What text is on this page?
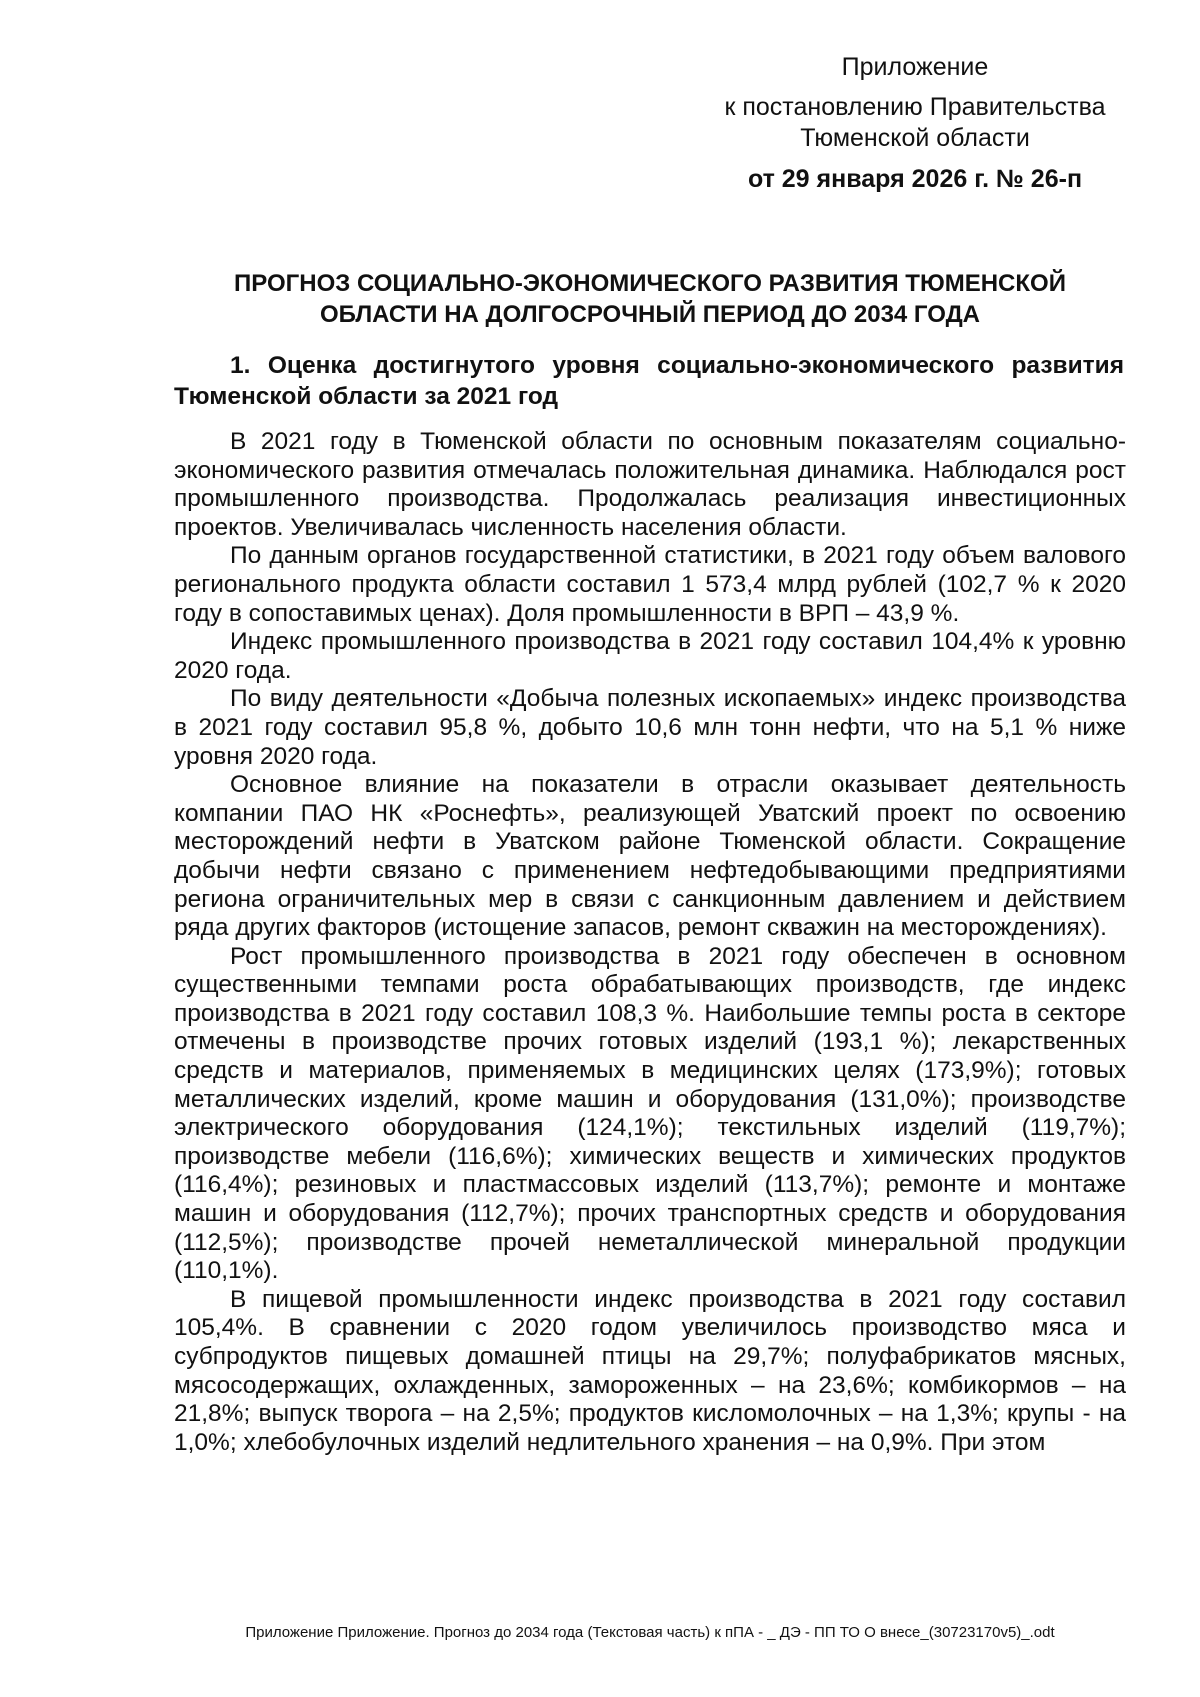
Приложение
к постановлению Правительства
Тюменской области
от 29 января 2026 г. № 26-п
ПРОГНОЗ СОЦИАЛЬНО-ЭКОНОМИЧЕСКОГО РАЗВИТИЯ ТЮМЕНСКОЙ
ОБЛАСТИ НА ДОЛГОСРОЧНЫЙ ПЕРИОД ДО 2034 ГОДА
1. Оценка достигнутого уровня социально-экономического развития Тюменской области за 2021 год

В 2021 году в Тюменской области по основным показателям социально-экономического развития отмечалась положительная динамика. Наблюдался рост промышленного производства. Продолжалась реализация инвестиционных проектов. Увеличивалась численность населения области.

По данным органов государственной статистики, в 2021 году объем валового регионального продукта области составил 1 573,4 млрд рублей (102,7 % к 2020 году в сопоставимых ценах). Доля промышленности в ВРП – 43,9 %.

Индекс промышленного производства в 2021 году составил 104,4% к уровню 2020 года.

По виду деятельности «Добыча полезных ископаемых» индекс производства в 2021 году составил 95,8 %, добыто 10,6 млн тонн нефти, что на 5,1 % ниже уровня 2020 года.

Основное влияние на показатели в отрасли оказывает деятельность компании ПАО НК «Роснефть», реализующей Уватский проект по освоению месторождений нефти в Уватском районе Тюменской области. Сокращение добычи нефти связано с применением нефтедобывающими предприятиями региона ограничительных мер в связи с санкционным давлением и действием ряда других факторов (истощение запасов, ремонт скважин на месторождениях).

Рост промышленного производства в 2021 году обеспечен в основном существенными темпами роста обрабатывающих производств, где индекс производства в 2021 году составил 108,3 %. Наибольшие темпы роста в секторе отмечены в производстве прочих готовых изделий (193,1 %); лекарственных средств и материалов, применяемых в медицинских целях (173,9%); готовых металлических изделий, кроме машин и оборудования (131,0%); производстве электрического оборудования (124,1%); текстильных изделий (119,7%); производстве мебели (116,6%); химических веществ и химических продуктов (116,4%); резиновых и пластмассовых изделий (113,7%); ремонте и монтаже машин и оборудования (112,7%); прочих транспортных средств и оборудования (112,5%); производстве прочей неметаллической минеральной продукции (110,1%).

В пищевой промышленности индекс производства в 2021 году составил 105,4%. В сравнении с 2020 годом увеличилось производство мяса и субпродуктов пищевых домашней птицы на 29,7%; полуфабрикатов мясных, мясосодержащих, охлажденных, замороженных – на 23,6%; комбикормов – на 21,8%; выпуск творога – на 2,5%; продуктов кисломолочных – на 1,3%; крупы - на 1,0%; хлебобулочных изделий недлительного хранения – на 0,9%. При этом

Приложение Приложение. Прогноз до 2034 года (Текстовая часть) к пПА - _ ДЭ - ПП ТО О внесе_(30723170v5)_.odt
